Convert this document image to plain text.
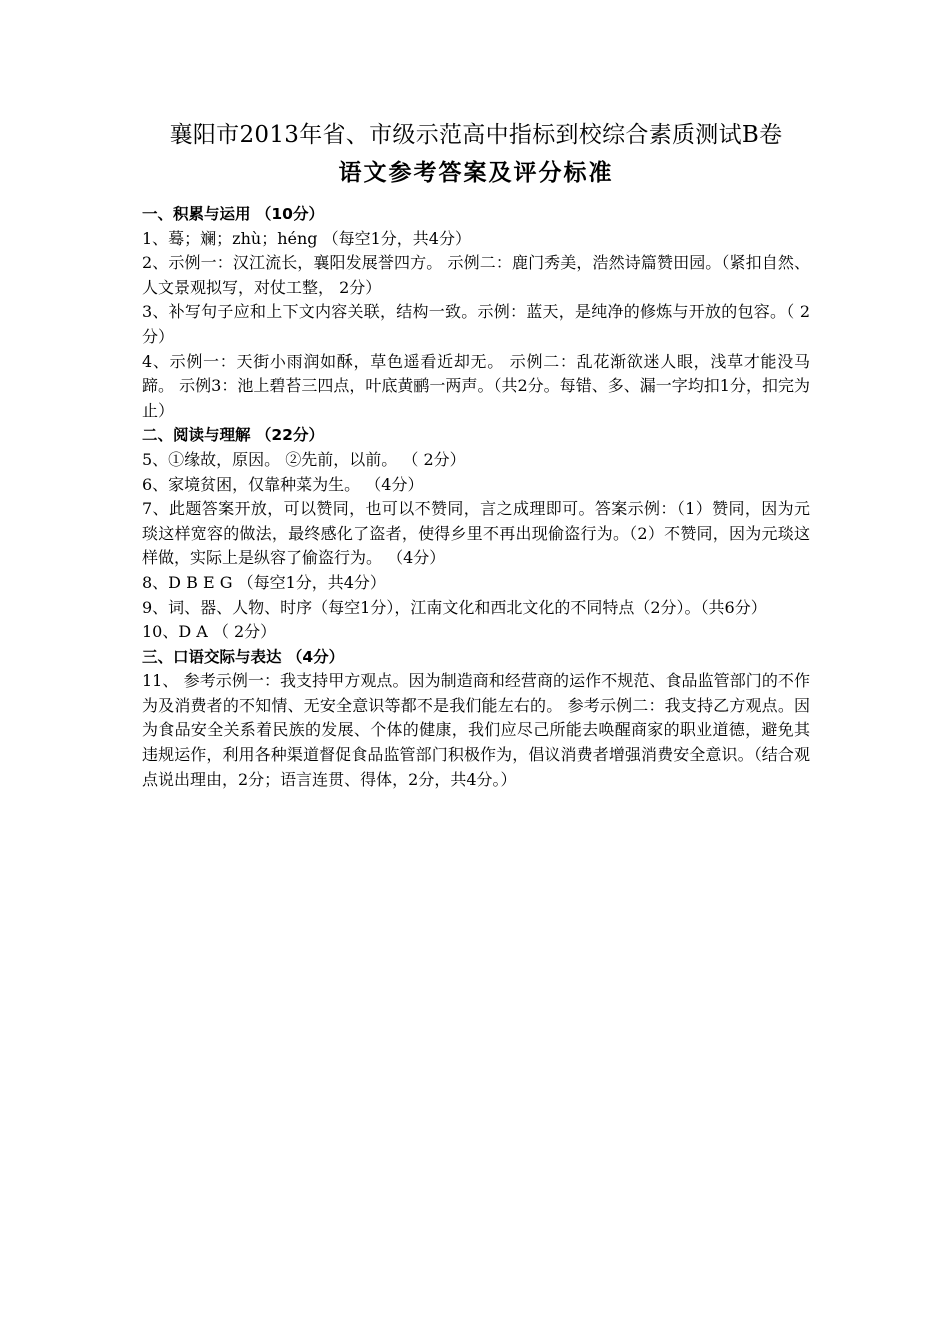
襄阳市2013年省、市级示范高中指标到校综合素质测试B卷
语文参考答案及评分标准
一、积累与运用 （10分）
1、蓦；斓；zhù；héng （每空1分，共4分）
2、示例一：汉江流长，襄阳发展誉四方。 示例二：鹿门秀美，浩然诗篇赞田园。（紧扣自然、人文景观拟写，对仗工整， 2分）
3、补写句子应和上下文内容关联，结构一致。示例：蓝天，是纯净的修炼与开放的包容。（ 2分）
4、示例一：天街小雨润如酥，草色遥看近却无。 示例二：乱花渐欲迷人眼，浅草才能没马蹄。 示例3：池上碧苔三四点，叶底黄鹂一两声。（共2分。每错、多、漏一字均扣1分，扣完为止）
二、阅读与理解 （22分）
5、①缘故，原因。 ②先前，以前。 （ 2分）
6、家境贫困，仅靠种菜为生。 （4分）
7、此题答案开放，可以赞同，也可以不赞同，言之成理即可。答案示例：（1）赞同，因为元琰这样宽容的做法，最终感化了盗者，使得乡里不再出现偷盗行为。（2）不赞同，因为元琰这样做，实际上是纵容了偷盗行为。 （4分）
8、D B E G （每空1分，共4分）
9、词、器、人物、时序（每空1分），江南文化和西北文化的不同特点（2分）。（共6分）
10、D A （ 2分）
三、口语交际与表达 （4分）
11、 参考示例一：我支持甲方观点。因为制造商和经营商的运作不规范、食品监管部门的不作为及消费者的不知情、无安全意识等都不是我们能左右的。 参考示例二：我支持乙方观点。因为食品安全关系着民族的发展、个体的健康，我们应尽己所能去唤醒商家的职业道德，避免其违规运作，利用各种渠道督促食品监管部门积极作为，倡议消费者增强消费安全意识。（结合观点说出理由，2分；语言连贯、得体，2分，共4分。）
